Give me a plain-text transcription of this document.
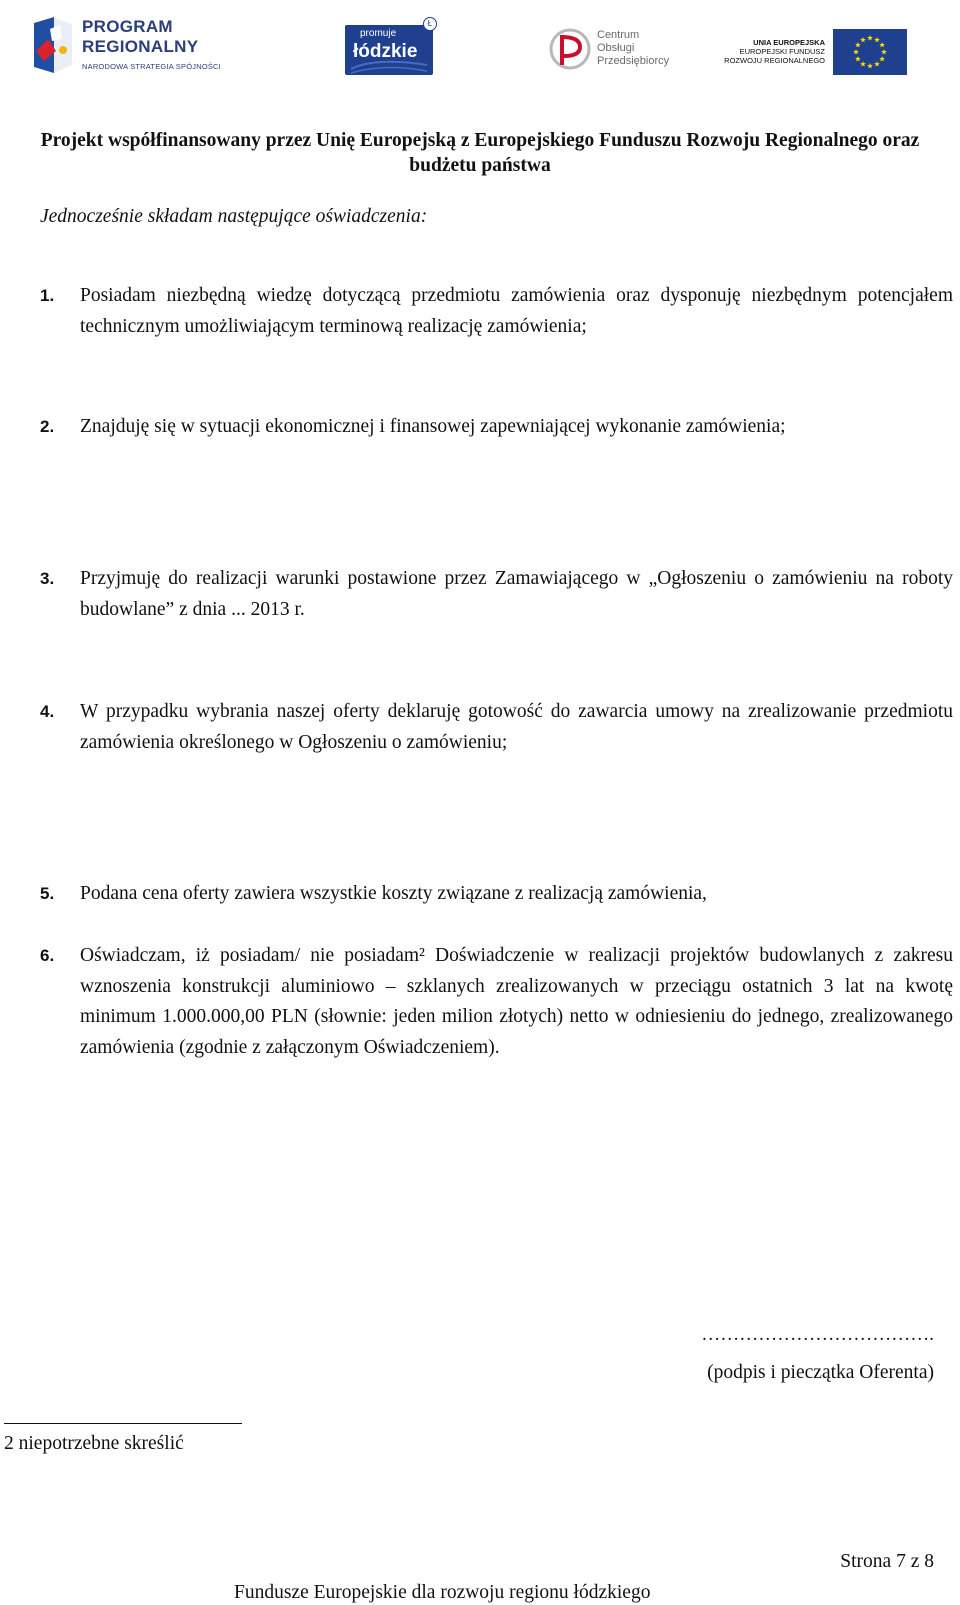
PROGRAM
REGIONALNY
NARODOWA STRATEGIA SPÓJNOŚCI
promuje
łódzkie
Ł
Centrum
Obsługi
Przedsiębiorcy
UNIA EUROPEJSKA
EUROPEJSKI FUNDUSZ
ROZWOJU REGIONALNEGO
Projekt współfinansowany przez Unię Europejską z Europejskiego Funduszu Rozwoju Regionalnego oraz
budżetu państwa
Jednocześnie składam następujące oświadczenia:
1. Posiadam niezbędną wiedzę dotyczącą przedmiotu zamówienia oraz dysponuję niezbędnym potencjałem technicznym umożliwiającym terminową realizację zamówienia;
2. Znajduję się w sytuacji ekonomicznej i finansowej zapewniającej wykonanie zamówienia;
3. Przyjmuję do realizacji warunki postawione przez Zamawiającego w „Ogłoszeniu o zamówieniu na roboty budowlane” z dnia ... 2013 r.
4. W przypadku wybrania naszej oferty deklaruję gotowość do zawarcia umowy na zrealizowanie przedmiotu zamówienia określonego w Ogłoszeniu o zamówieniu;
5. Podana cena oferty zawiera wszystkie koszty związane z realizacją zamówienia,
6. Oświadczam, iż posiadam/ nie posiadam² Doświadczenie w realizacji projektów budowlanych z zakresu wznoszenia konstrukcji aluminiowo – szklanych zrealizowanych w przeciągu ostatnich 3 lat na kwotę minimum 1.000.000,00 PLN (słownie: jeden milion złotych) netto w odniesieniu do jednego, zrealizowanego zamówienia (zgodnie z załączonym Oświadczeniem).
……………………………….
(podpis i pieczątka Oferenta)
2 niepotrzebne skreślić
Strona 7 z 8
Fundusze Europejskie dla rozwoju regionu łódzkiego
